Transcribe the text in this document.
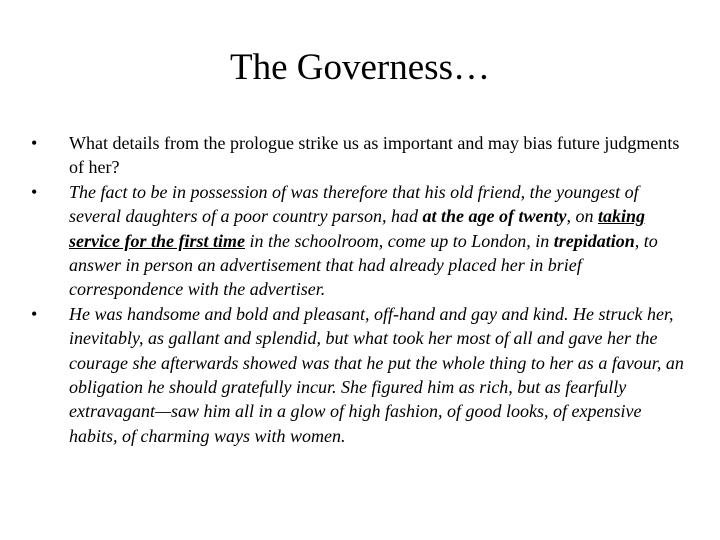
The Governess…
• What details from the prologue strike us as important and may bias future judgments of her?
• The fact to be in possession of was therefore that his old friend, the youngest of several daughters of a poor country parson, had at the age of twenty, on taking service for the first time in the schoolroom, come up to London, in trepidation, to answer in person an advertisement that had already placed her in brief correspondence with the advertiser.
• He was handsome and bold and pleasant, off-hand and gay and kind. He struck her, inevitably, as gallant and splendid, but what took her most of all and gave her the courage she afterwards showed was that he put the whole thing to her as a favour, an obligation he should gratefully incur. She figured him as rich, but as fearfully extravagant—saw him all in a glow of high fashion, of good looks, of expensive habits, of charming ways with women.
